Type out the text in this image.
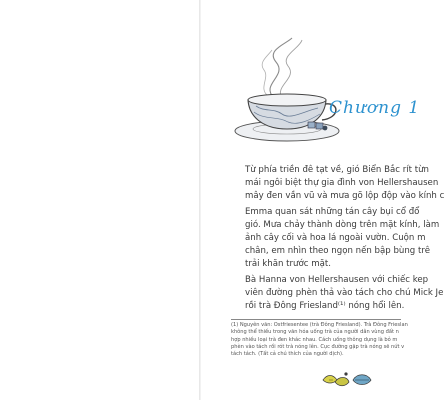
Chương 1

Từ phía triền đê tạt về, gió Biển Bắc rít từn
mái ngôi biệt thự gia đình von Hellershausen
mây đen vần vũ và mưa gõ lộp độp vào kính c

Emma quan sát những tán cây bụi cổ đổ
gió. Mưa chảy thành dòng trên mặt kính, làm
ảnh cây cối và hoa lá ngoài vườn. Cuộn m
chân, em nhìn theo ngọn nến bập bùng trê
trải khăn trước mặt.

Bà Hanna von Hellershausen với chiếc kep
viên đường phèn thả vào tách cho chú Mick Je
rồi trà Đông Friesland⁽¹⁾ nóng hổi lên.

(1) Nguyên văn: Ostfriesentee (trà Đông Friesland). Trà Đông Frieslan
không thể thiếu trong văn hóa uống trà của người dân vùng đất n
hợp nhiều loại trà đen khác nhau. Cách uống thông dụng là bỏ m
phèn vào tách rồi rót trà nóng lên. Cục đường gặp trà nóng sẽ nứt v
tách tách. (Tất cả chú thích của người dịch).
